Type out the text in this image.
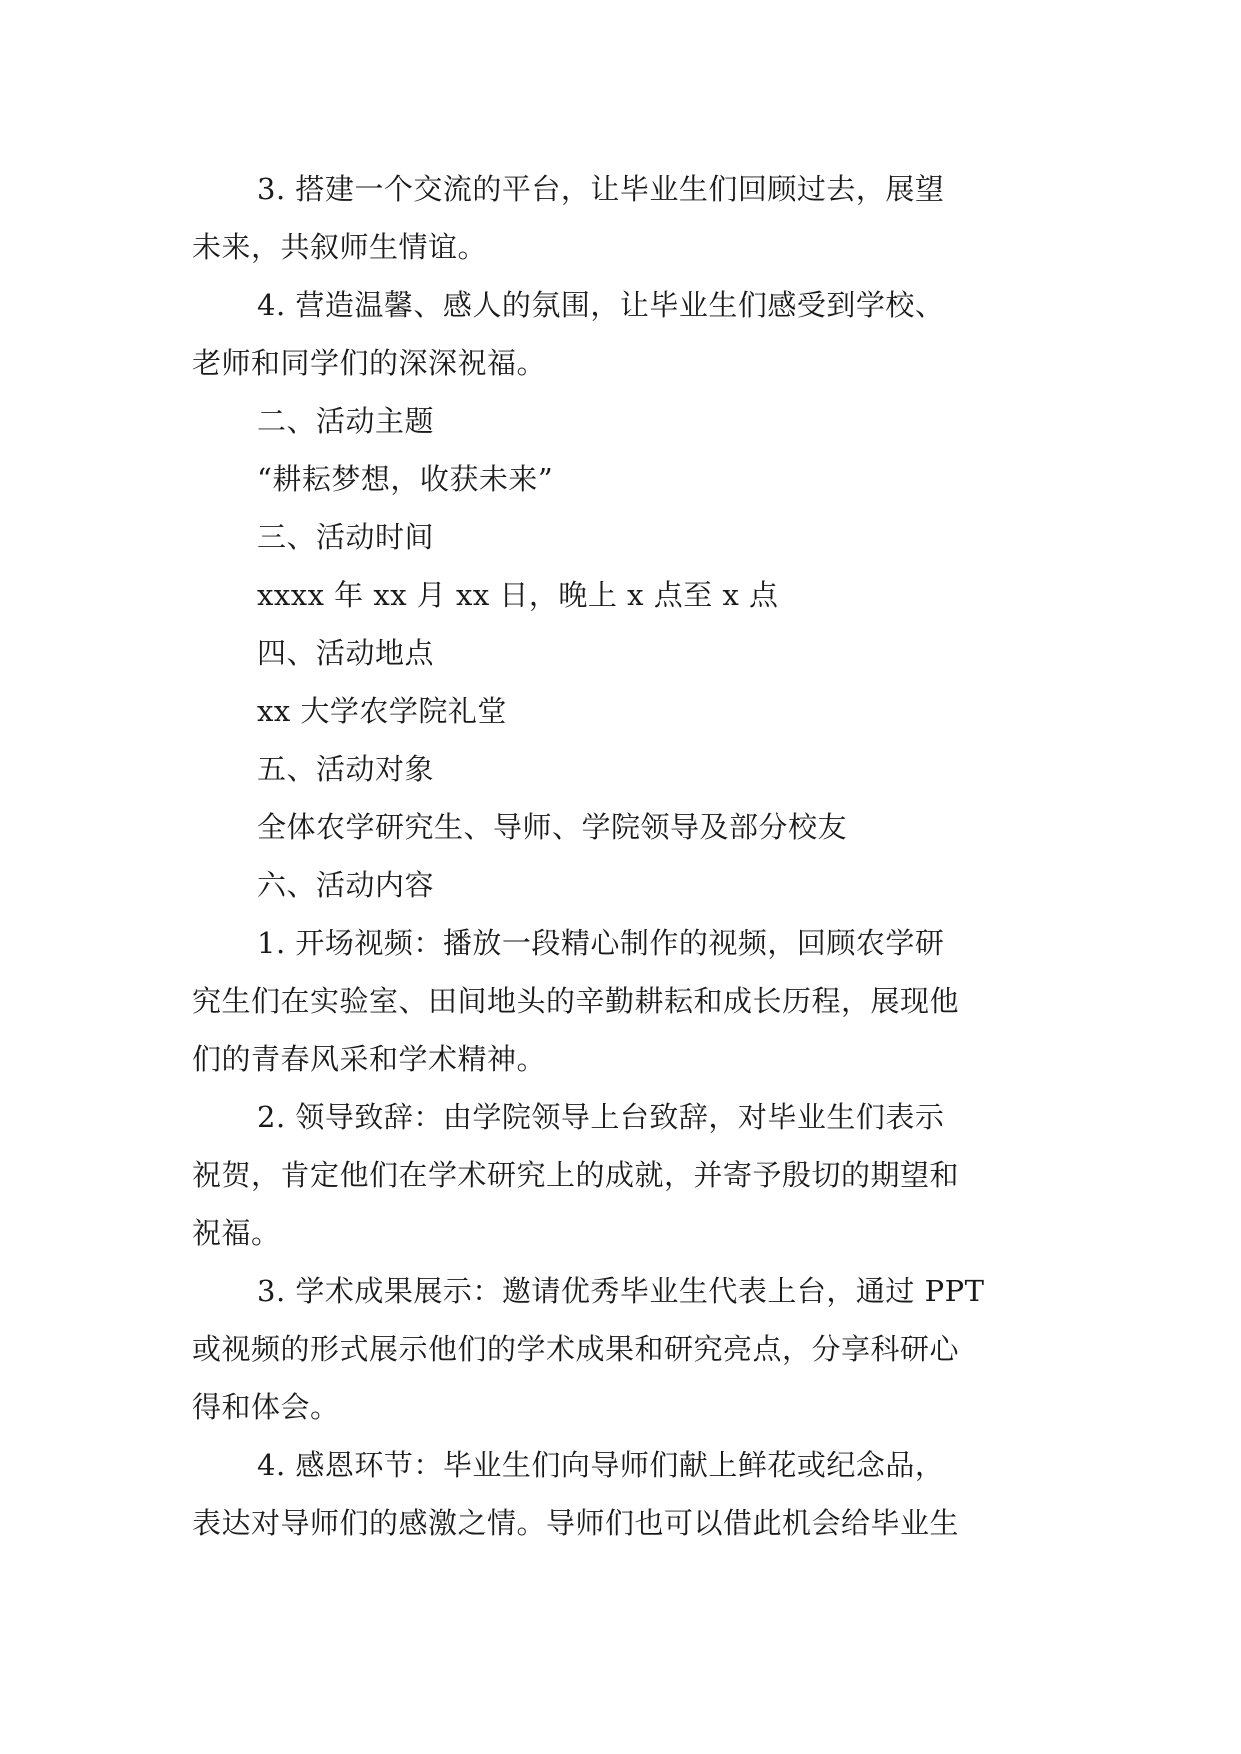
3. 搭建一个交流的平台，让毕业生们回顾过去，展望
未来，共叙师生情谊。
4. 营造温馨、感人的氛围，让毕业生们感受到学校、
老师和同学们的深深祝福。
二、活动主题
“耕耘梦想，收获未来”
三、活动时间
xxxx 年 xx 月 xx 日，晚上 x 点至 x 点
四、活动地点
xx 大学农学院礼堂
五、活动对象
全体农学研究生、导师、学院领导及部分校友
六、活动内容
1. 开场视频：播放一段精心制作的视频，回顾农学研
究生们在实验室、田间地头的辛勤耕耘和成长历程，展现他
们的青春风采和学术精神。
2. 领导致辞：由学院领导上台致辞，对毕业生们表示
祝贺，肯定他们在学术研究上的成就，并寄予殷切的期望和
祝福。
3. 学术成果展示：邀请优秀毕业生代表上台，通过 PPT
或视频的形式展示他们的学术成果和研究亮点，分享科研心
得和体会。
4. 感恩环节：毕业生们向导师们献上鲜花或纪念品，
表达对导师们的感激之情。导师们也可以借此机会给毕业生
